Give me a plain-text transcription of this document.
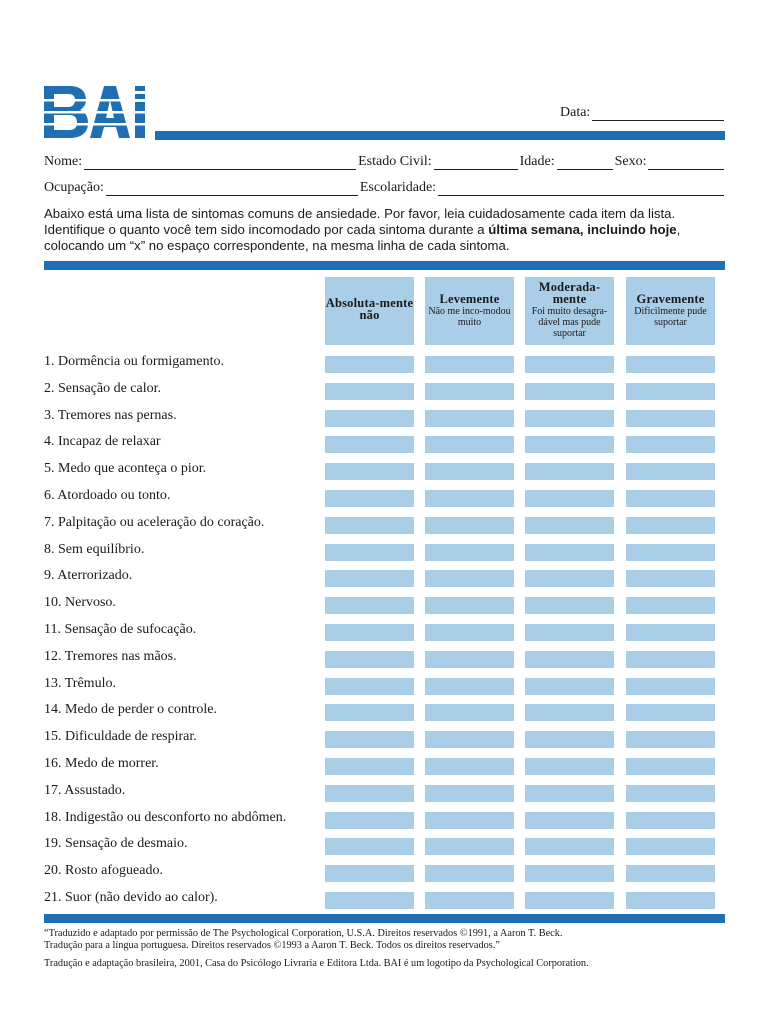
Data:
Nome:	Estado Civil:	Idade:	Sexo:
Ocupação:	Escolaridade:
Abaixo está uma lista de sintomas comuns de ansiedade. Por favor, leia cuidadosamente cada item da lista. Identifique o quanto você tem sido incomodado por cada sintoma durante a última semana, incluindo hoje, colocando um “x” no espaço correspondente, na mesma linha de cada sintoma.
Absoluta-mente não
Levemente
Não me inco-modou muito
Moderada-mente
Foi muito desagra-dável mas pude suportar
Gravemente
Dificilmente pude suportar
1. Dormência ou formigamento.
2. Sensação de calor.
3. Tremores nas pernas.
4. Incapaz de relaxar
5. Medo que aconteça o pior.
6. Atordoado ou tonto.
7. Palpitação ou aceleração do coração.
8. Sem equilíbrio.
9. Aterrorizado.
10. Nervoso.
11. Sensação de sufocação.
12. Tremores nas mãos.
13. Trêmulo.
14. Medo de perder o controle.
15. Dificuldade de respirar.
16. Medo de morrer.
17. Assustado.
18. Indigestão ou desconforto no abdômen.
19. Sensação de desmaio.
20. Rosto afogueado.
21. Suor (não devido ao calor).
“Traduzido e adaptado por permissão de The Psychological Corporation, U.S.A. Direitos reservados ©1991, a Aaron T. Beck.
Tradução para a língua portuguesa. Direitos reservados ©1993 a Aaron T. Beck. Todos os direitos reservados.”
Tradução e adaptação brasileira, 2001, Casa do Psicólogo Livraria e Editora Ltda. BAI é um logotipo da Psychological Corporation.
